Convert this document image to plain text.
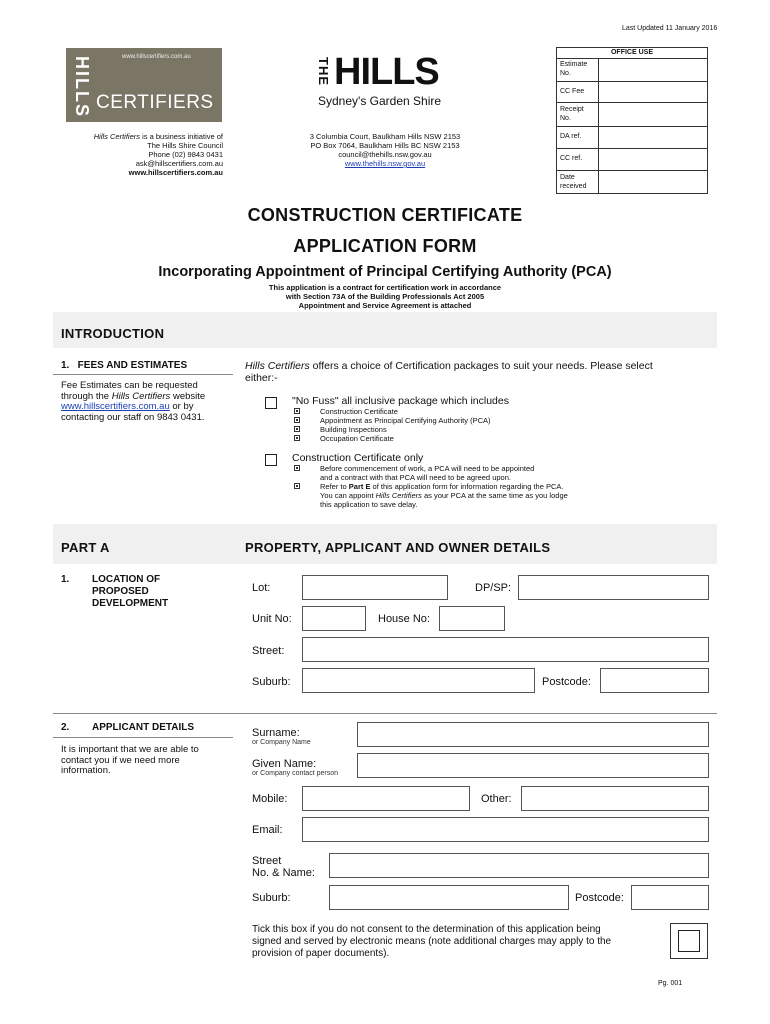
Last Updated 11 January 2016
www.hillscertifiers.com.au
HILLS CERTIFIERS
THE HILLS
Sydney's Garden Shire
Hills Certifiers is a business initiative of
The Hills Shire Council
Phone (02) 9843 0431
ask@hillscertifiers.com.au
www.hillscertifiers.com.au
3 Columbia Court, Baulkham Hills NSW 2153
PO Box 7064, Baulkham Hills BC NSW 2153
council@thehills.nsw.gov.au
www.thehills.nsw.gov.au
OFFICE USE
Estimate No.
CC Fee
Receipt No.
DA ref.
CC ref.
Date received
CONSTRUCTION CERTIFICATE
APPLICATION FORM
Incorporating Appointment of Principal Certifying Authority (PCA)
This application is a contract for certification work in accordance
with Section 73A of the Building Professionals Act 2005
Appointment and Service Agreement is attached
INTRODUCTION
1.   FEES AND ESTIMATES
Fee Estimates can be requested
through the Hills Certifiers website
www.hillscertifiers.com.au or by
contacting our staff on 9843 0431.
Hills Certifiers offers a choice of Certification packages to suit your needs. Please select
either:-
"No Fuss" all inclusive package which includes
Construction Certificate
Appointment as Principal Certifying Authority (PCA)
Building Inspections
Occupation Certificate
Construction Certificate only
Before commencement of work, a PCA will need to be appointed
and a contract with that PCA will need to be agreed upon.
Refer to Part E of this application form for information regarding the PCA.
You can appoint Hills Certifiers as your PCA at the same time as you lodge
this application to save delay.
PART A	PROPERTY, APPLICANT AND OWNER DETAILS
1. LOCATION OF
PROPOSED
DEVELOPMENT
Lot:	DP/SP:
Unit No:	House No:
Street:
Suburb:	Postcode:
2. APPLICANT DETAILS
It is important that we are able to
contact you if we need more
information.
Surname:
or Company Name
Given Name:
or Company contact person
Mobile:	Other:
Email:
Street
No. & Name:
Suburb:	Postcode:
Tick this box if you do not consent to the determination of this application being
signed and served by electronic means (note additional charges may apply to the
provision of paper documents).
Pg. 001
